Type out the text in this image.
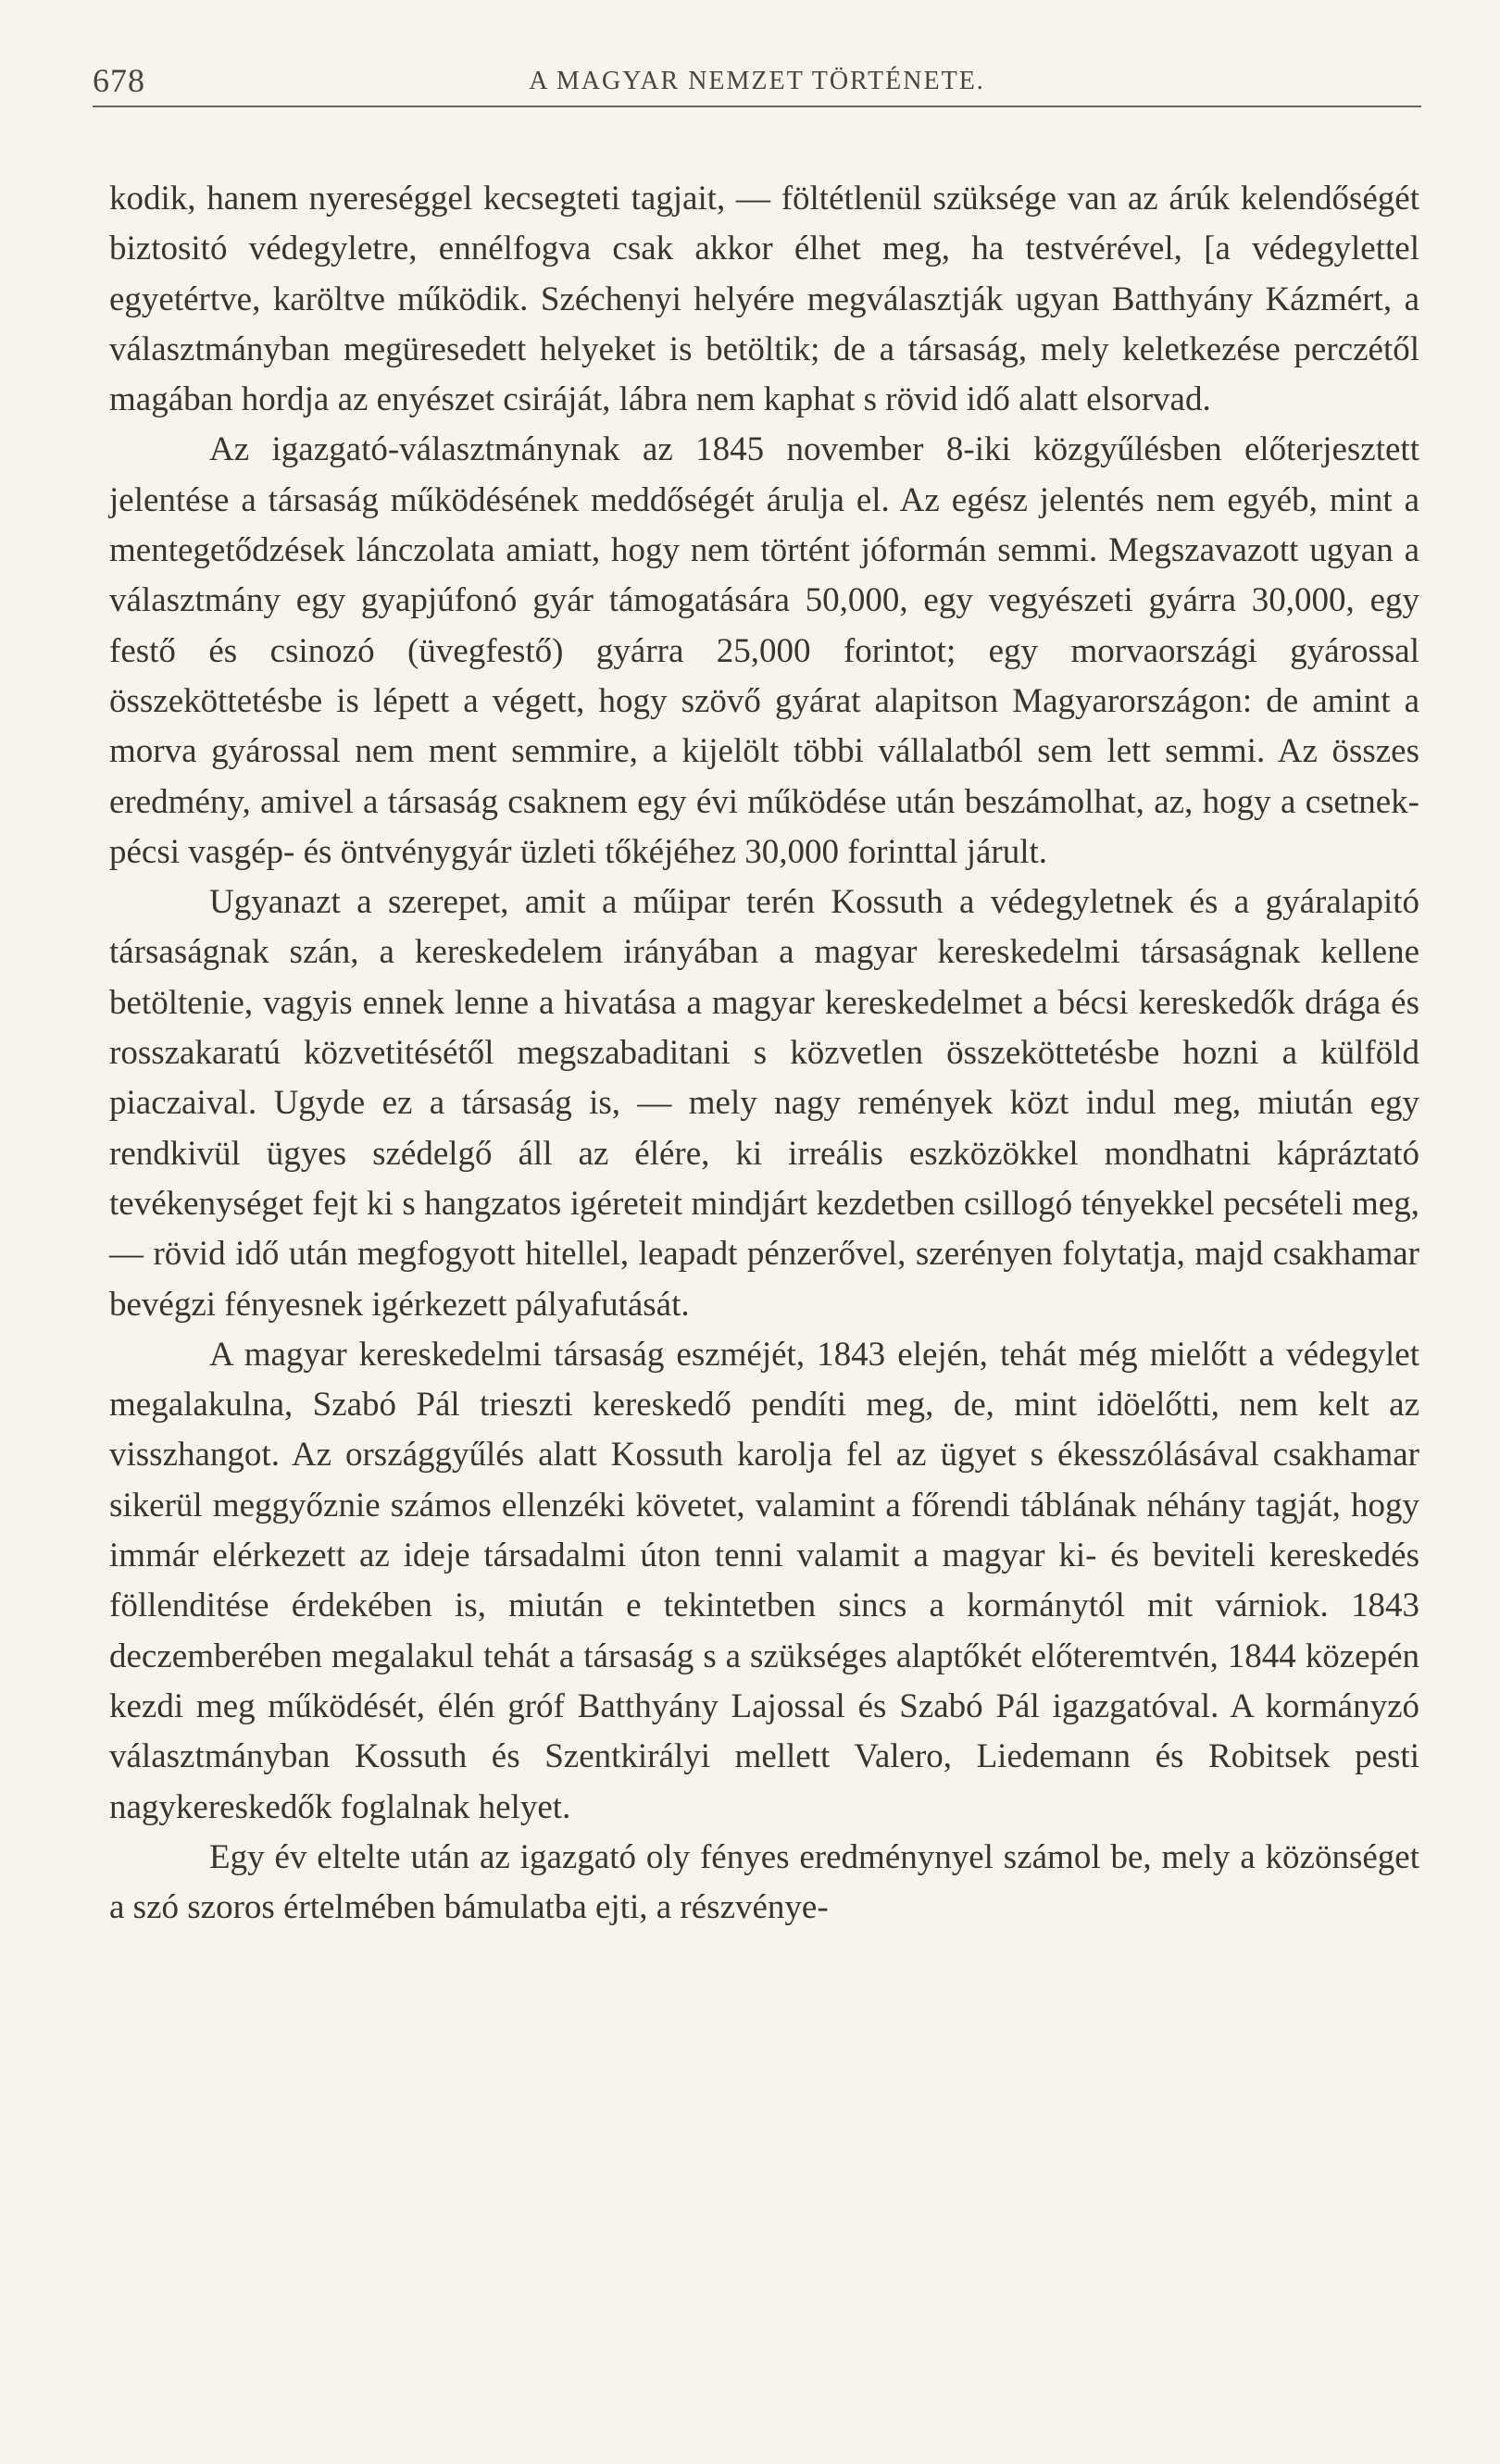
678	A MAGYAR NEMZET TÖRTÉNETE.

kodik, hanem nyereséggel kecsegteti tagjait, — föltétlenül szüksége van az árúk kelendőségét biztositó védegyletre, ennélfogva csak akkor élhet meg, ha testvérével, [a védegylettel egyetértve, karöltve működik. Széchenyi helyére megválasztják ugyan Batthyány Kázmért, a választmányban megüresedett helyeket is betöltik; de a társaság, mely keletkezése perczétől magában hordja az enyészet csiráját, lábra nem kaphat s rövid idő alatt elsorvad.

Az igazgató-választmánynak az 1845 november 8-iki közgyűlésben előterjesztett jelentése a társaság működésének meddőségét árulja el. Az egész jelentés nem egyéb, mint a mentegetődzések lánczolata amiatt, hogy nem történt jóformán semmi. Megszavazott ugyan a választmány egy gyapjúfonó gyár támogatására 50,000, egy vegyészeti gyárra 30,000, egy festő és csinozó (üvegfestő) gyárra 25,000 forintot; egy morvaországi gyárossal összeköttetésbe is lépett a végett, hogy szövő gyárat alapitson Magyarországon: de amint a morva gyárossal nem ment semmire, a kijelölt többi vállalatból sem lett semmi. Az összes eredmény, amivel a társaság csaknem egy évi működése után beszámolhat, az, hogy a csetnek-pécsi vasgép- és öntvénygyár üzleti tőkéjéhez 30,000 forinttal járult.

Ugyanazt a szerepet, amit a műipar terén Kossuth a védegyletnek és a gyáralapitó társaságnak szán, a kereskedelem irányában a magyar kereskedelmi társaságnak kellene betöltenie, vagyis ennek lenne a hivatása a magyar kereskedelmet a bécsi kereskedők drága és rosszakaratú közvetitésétől megszabaditani s közvetlen összeköttetésbe hozni a külföld piaczaival. Ugyde ez a társaság is, — mely nagy remények közt indul meg, miután egy rendkivül ügyes szédelgő áll az élére, ki irreális eszközökkel mondhatni kápráztató tevékenységet fejt ki s hangzatos igéreteit mindjárt kezdetben csillogó tényekkel pecsételi meg, — rövid idő után megfogyott hitellel, leapadt pénzerővel, szerényen folytatja, majd csakhamar bevégzi fényesnek igérkezett pályafutását.

A magyar kereskedelmi társaság eszméjét, 1843 elején, tehát még mielőtt a védegylet megalakulna, Szabó Pál trieszti kereskedő pendíti meg, de, mint idöelőtti, nem kelt az visszhangot. Az országgyűlés alatt Kossuth karolja fel az ügyet s ékesszólásával csakhamar sikerül meggyőznie számos ellenzéki követet, valamint a főrendi táblának néhány tagját, hogy immár elérkezett az ideje társadalmi úton tenni valamit a magyar ki- és beviteli kereskedés föllenditése érdekében is, miután e tekintetben sincs a kormánytól mit várniok. 1843 deczemberében megalakul tehát a társaság s a szükséges alaptőkét előteremtvén, 1844 közepén kezdi meg működését, élén gróf Batthyány Lajossal és Szabó Pál igazgatóval. A kormányzó választmányban Kossuth és Szentkirályi mellett Valero, Liedemann és Robitsek pesti nagykereskedők foglalnak helyet.

Egy év eltelte után az igazgató oly fényes eredménynyel számol be, mely a közönséget a szó szoros értelmében bámulatba ejti, a részvénye-
